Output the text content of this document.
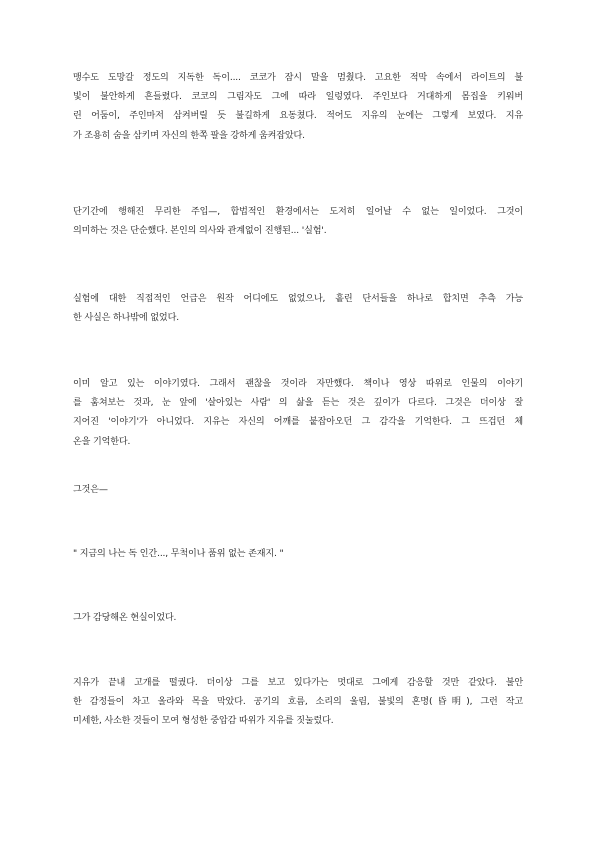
맹수도 도망갈 정도의 지독한 독이.... 코코가 잠시 말을 멈췄다. 고요한 적막 속에서 라이트의 불
빛이 불안하게 흔들렸다. 코코의 그림자도 그에 따라 일렁였다. 주인보다 거대하게 몸집을 키워버
린 어둠이, 주인마저 삼켜버릴 듯 불길하게 요동쳤다. 적어도 지유의 눈에는 그렇게 보였다. 지유
가 조용히 숨을 삼키며 자신의 한쪽 팔을 강하게 움켜잡았다.
단기간에 행해진 무리한 주입—, 합법적인 환경에서는 도저히 일어날 수 없는 일이었다. 그것이
의미하는 것은 단순했다. 본인의 의사와 관계없이 진행된... '실험'.
실험에 대한 직접적인 언급은 원작 어디에도 없었으나, 흩린 단서들을 하나로 합치면 추측 가능
한 사실은 하나밖에 없었다.
이미 알고 있는 이야기였다. 그래서 괜찮을 것이라 자만했다. 책이나 영상 따위로 인물의 이야기
를 훔쳐보는 것과, 눈 앞에 '살아있는 사람' 의 삶을 듣는 것은 깊이가 다르다. 그것은 더이상 잘
지어진 '이야기'가 아니었다. 지유는 자신의 어깨를 붙잡아오던 그 감각을 기억한다. 그 뜨겁던 체
온을 기억한다.
그것은—
" 지금의 나는 독 인간..., 무척이나 품위 없는 존재지. "
그가 감당해온 현실이었다.
지유가 끝내 고개를 떨궜다. 더이상 그를 보고 있다가는 멋대로 그에게 감응할 것만 같았다. 불안
한 감정들이 차고 올라와 목을 막았다. 공기의 흐름, 소리의 울림, 불빛의 혼명(昏明), 그런 작고
미세한, 사소한 것들이 모여 형성한 중압감 따위가 지유를 짓눌렀다.
